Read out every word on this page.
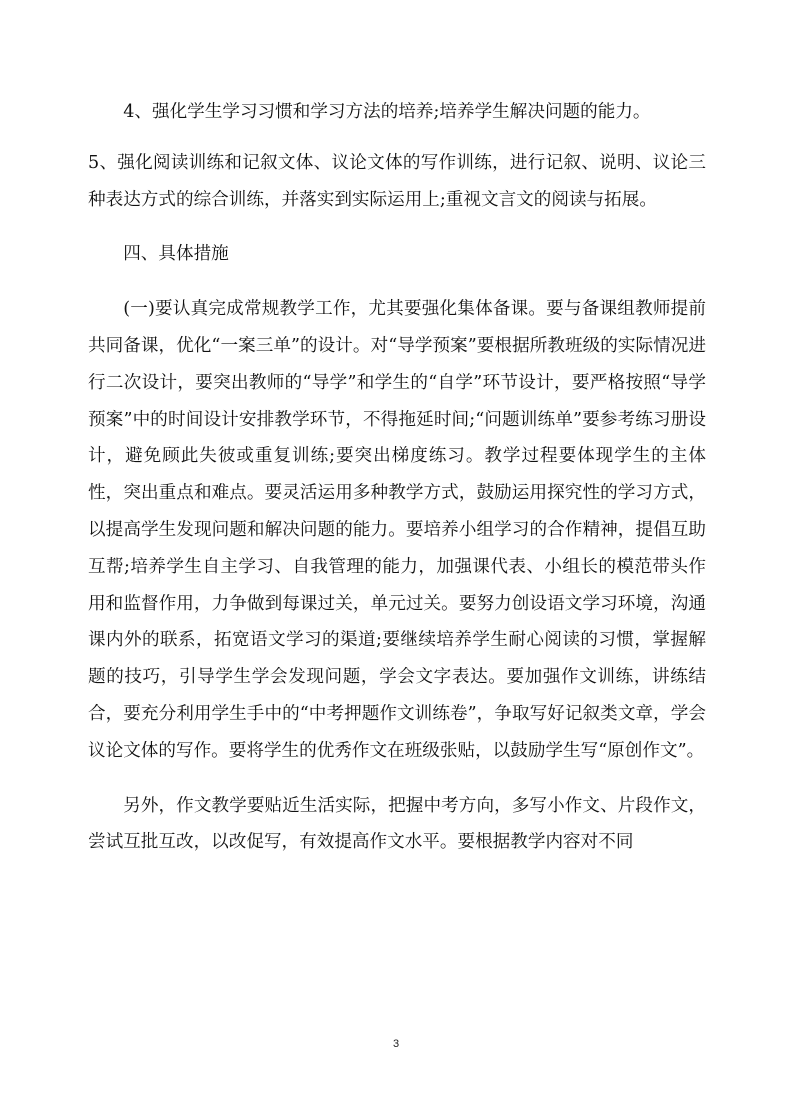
4、强化学生学习习惯和学习方法的培养;培养学生解决问题的能力。

5、强化阅读训练和记叙文体、议论文体的写作训练，进行记叙、说明、议论三种表达方式的综合训练，并落实到实际运用上;重视文言文的阅读与拓展。

四、具体措施

(一)要认真完成常规教学工作，尤其要强化集体备课。要与备课组教师提前共同备课，优化“一案三单”的设计。对“导学预案”要根据所教班级的实际情况进行二次设计，要突出教师的“导学”和学生的“自学”环节设计，要严格按照“导学预案”中的时间设计安排教学环节，不得拖延时间;“问题训练单”要参考练习册设计，避免顾此失彼或重复训练;要突出梯度练习。教学过程要体现学生的主体性，突出重点和难点。要灵活运用多种教学方式，鼓励运用探究性的学习方式，以提高学生发现问题和解决问题的能力。要培养小组学习的合作精神，提倡互助互帮;培养学生自主学习、自我管理的能力，加强课代表、小组长的模范带头作用和监督作用，力争做到每课过关，单元过关。要努力创设语文学习环境，沟通课内外的联系，拓宽语文学习的渠道;要继续培养学生耐心阅读的习惯，掌握解题的技巧，引导学生学会发现问题，学会文字表达。要加强作文训练，讲练结合，要充分利用学生手中的“中考押题作文训练卷”，争取写好记叙类文章，学会议论文体的写作。要将学生的优秀作文在班级张贴，以鼓励学生写“原创作文”。

另外，作文教学要贴近生活实际，把握中考方向，多写小作文、片段作文，尝试互批互改，以改促写，有效提高作文水平。要根据教学内容对不同

3
